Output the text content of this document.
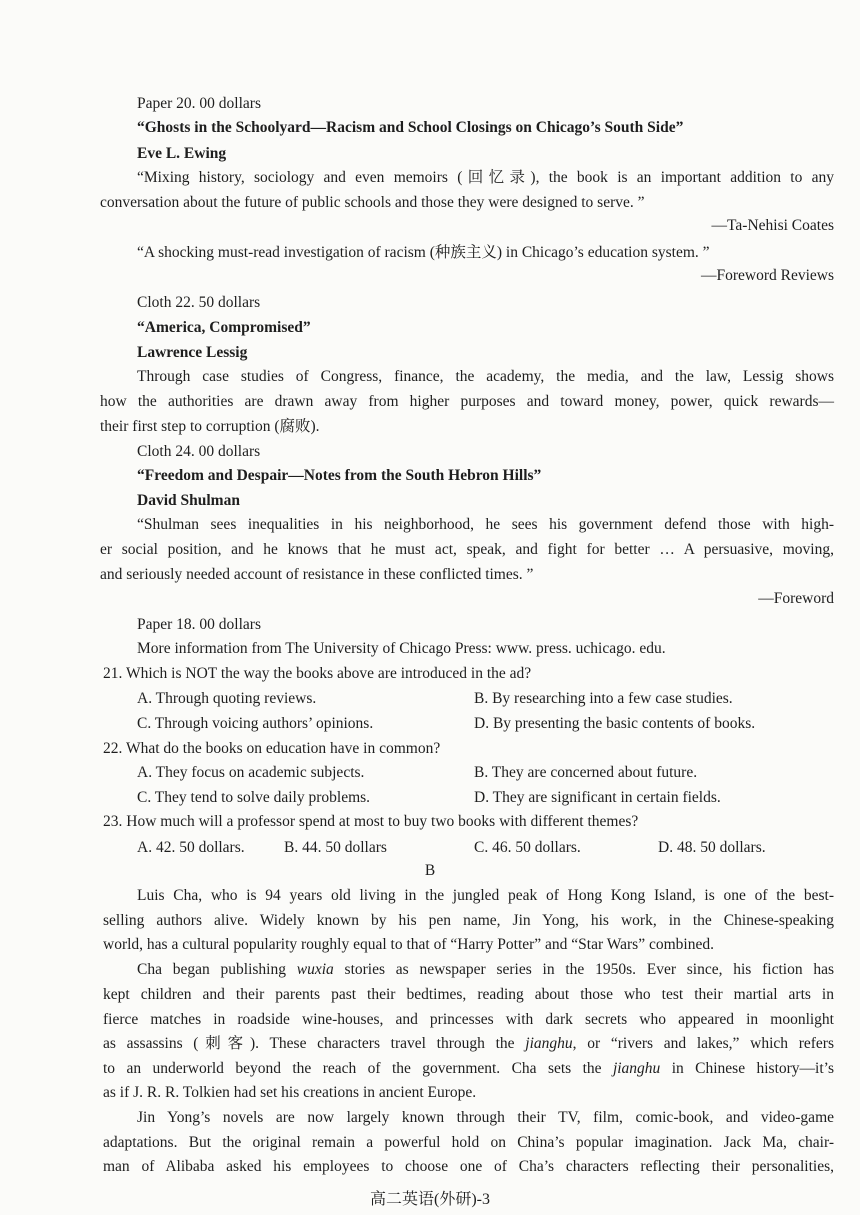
Paper 20. 00 dollars
“Ghosts in the Schoolyard—Racism and School Closings on Chicago’s South Side”
Eve L. Ewing
“Mixing history, sociology and even memoirs (回忆录), the book is an important addition to any
conversation about the future of public schools and those they were designed to serve. ”
—Ta-Nehisi Coates
“A shocking must-read investigation of racism (种族主义) in Chicago’s education system. ”
—Foreword Reviews
Cloth 22. 50 dollars
“America, Compromised”
Lawrence Lessig
Through case studies of Congress, finance, the academy, the media, and the law, Lessig shows
how the authorities are drawn away from higher purposes and toward money, power, quick rewards—
their first step to corruption (腐败).
Cloth 24. 00 dollars
“Freedom and Despair—Notes from the South Hebron Hills”
David Shulman
“Shulman sees inequalities in his neighborhood, he sees his government defend those with high-
er social position, and he knows that he must act, speak, and fight for better … A persuasive, moving,
and seriously needed account of resistance in these conflicted times. ”
—Foreword
Paper 18. 00 dollars
More information from The University of Chicago Press: www. press. uchicago. edu.
21. Which is NOT the way the books above are introduced in the ad?
A. Through quoting reviews.	B. By researching into a few case studies.
C. Through voicing authors’ opinions.	D. By presenting the basic contents of books.
22. What do the books on education have in common?
A. They focus on academic subjects.	B. They are concerned about future.
C. They tend to solve daily problems.	D. They are significant in certain fields.
23. How much will a professor spend at most to buy two books with different themes?
A. 42. 50 dollars.	B. 44. 50 dollars	C. 46. 50 dollars.	D. 48. 50 dollars.
B
Luis Cha, who is 94 years old living in the jungled peak of Hong Kong Island, is one of the best-
selling authors alive. Widely known by his pen name, Jin Yong, his work, in the Chinese-speaking
world, has a cultural popularity roughly equal to that of “Harry Potter” and “Star Wars” combined.
Cha began publishing wuxia stories as newspaper series in the 1950s. Ever since, his fiction has
kept children and their parents past their bedtimes, reading about those who test their martial arts in
fierce matches in roadside wine-houses, and princesses with dark secrets who appeared in moonlight
as assassins (刺客). These characters travel through the jianghu, or “rivers and lakes,” which refers
to an underworld beyond the reach of the government. Cha sets the jianghu in Chinese history—it’s
as if J. R. R. Tolkien had set his creations in ancient Europe.
Jin Yong’s novels are now largely known through their TV, film, comic-book, and video-game
adaptations. But the original remain a powerful hold on China’s popular imagination. Jack Ma, chair-
man of Alibaba asked his employees to choose one of Cha’s characters reflecting their personalities,
高二英语(外研)-3
